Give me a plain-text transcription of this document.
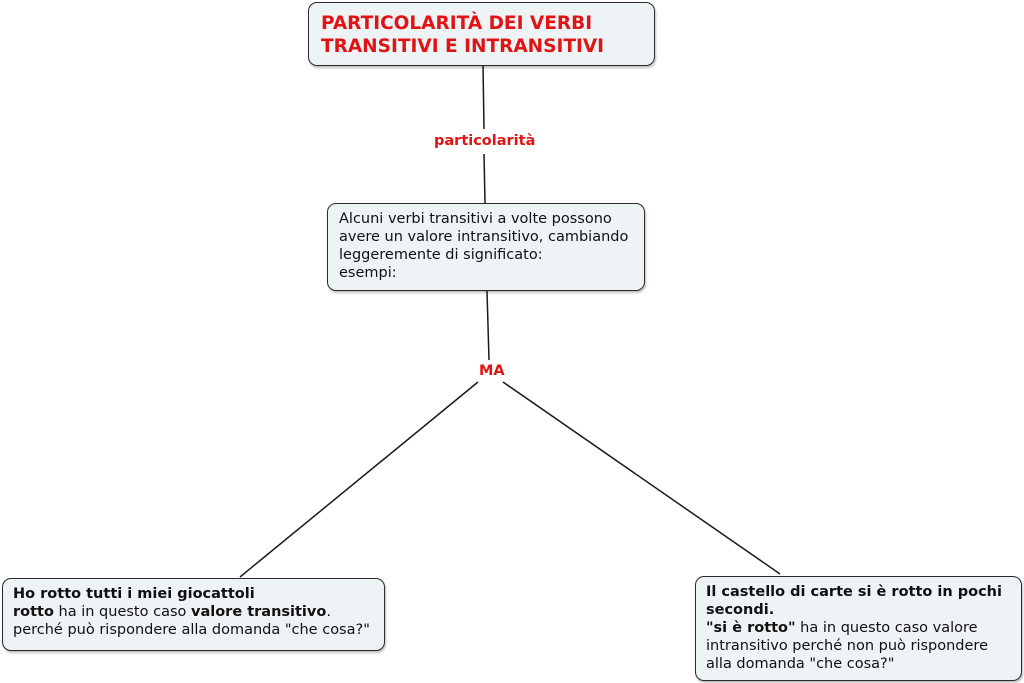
PARTICOLARITÀ DEI VERBI
TRANSITIVI E INTRANSITIVI
particolarità
Alcuni verbi transitivi a volte possono
avere un valore intransitivo, cambiando
leggeremente di significato:
esempi:
MA
Ho rotto tutti i miei giocattoli
rotto ha in questo caso valore transitivo.
perché può rispondere alla domanda "che cosa?"
Il castello di carte si è rotto in pochi
secondi.
"si è rotto" ha in questo caso valore
intransitivo perché non può rispondere
alla domanda "che cosa?"
